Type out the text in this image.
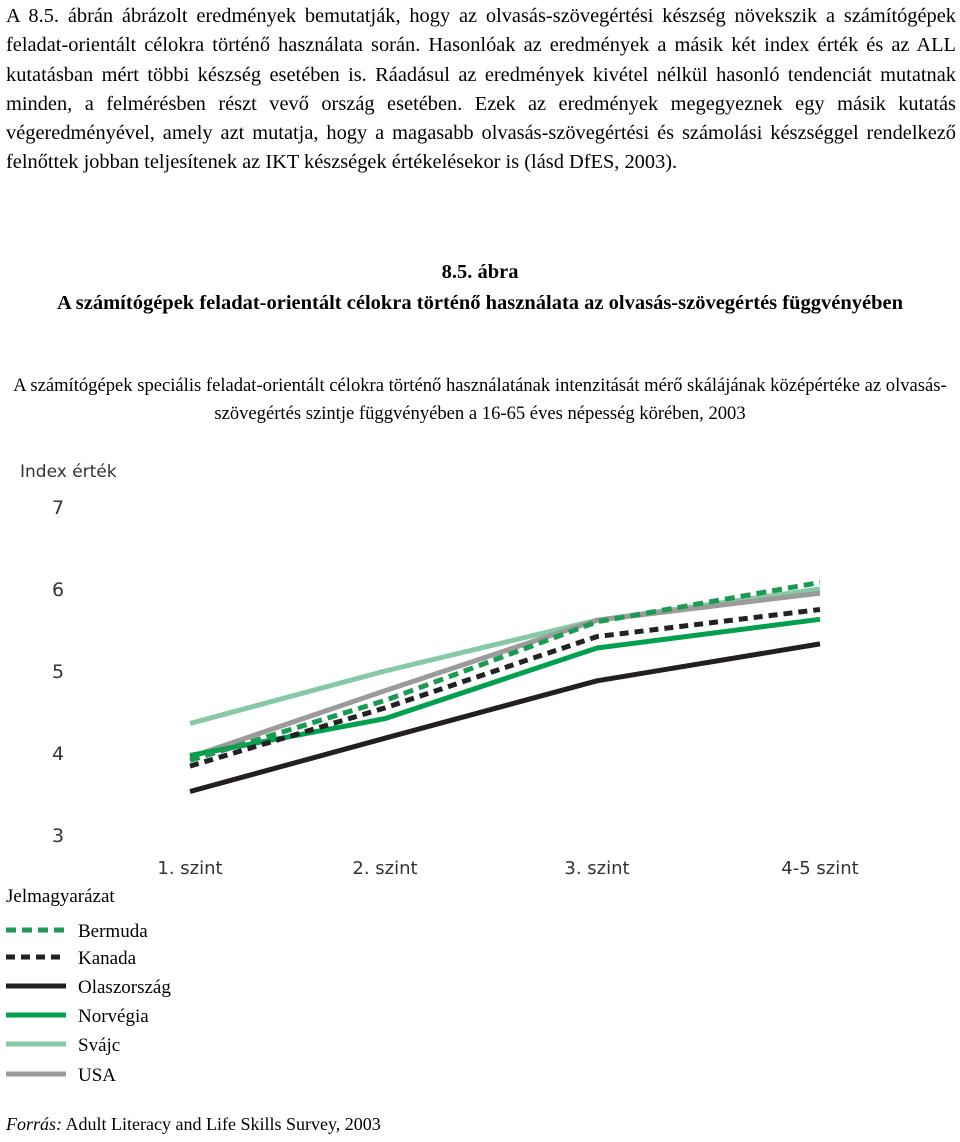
A 8.5. ábrán ábrázolt eredmények bemutatják, hogy az olvasás-szövegértési készség növekszik a számítógépek feladat-orientált célokra történő használata során. Hasonlóak az eredmények a másik két index érték és az ALL kutatásban mért többi készség esetében is. Ráadásul az eredmények kivétel nélkül hasonló tendenciát mutatnak minden, a felmérésben részt vevő ország esetében. Ezek az eredmények megegyeznek egy másik kutatás végeredményével, amely azt mutatja, hogy a magasabb olvasás-szövegértési és számolási készséggel rendelkező felnőttek jobban teljesítenek az IKT készségek értékelésekor is (lásd DfES, 2003).

8.5. ábra
A számítógépek feladat-orientált célokra történő használata az olvasás-szövegértés függvényében
A számítógépek speciális feladat-orientált célokra történő használatának intenzitását mérő skálájának középértéke az olvasás-szövegértés szintje függvényében a 16-65 éves népesség körében, 2003
Index érték
3
4
5
6
7
1. szint	2. szint	3. szint	4-5 szint
Jelmagyarázat
Bermuda
Kanada
Olaszország
Norvégia
Svájc
USA
Forrás: Adult Literacy and Life Skills Survey, 2003
